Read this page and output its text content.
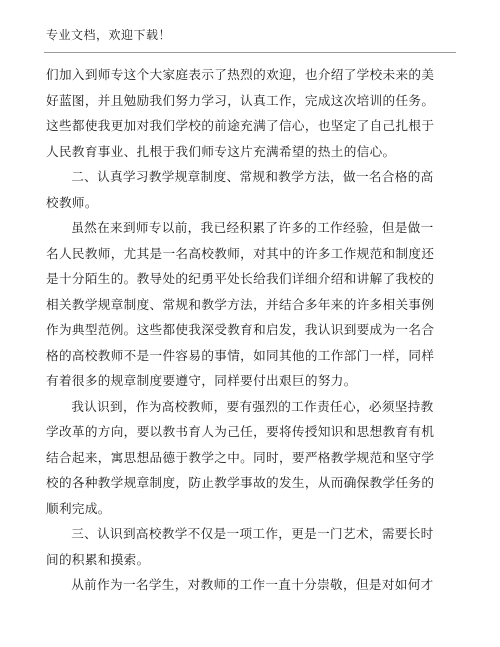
专业文档，欢迎下载！
们加入到师专这个大家庭表示了热烈的欢迎，也介绍了学校未来的美
好蓝图，并且勉励我们努力学习，认真工作，完成这次培训的任务。
这些都使我更加对我们学校的前途充满了信心，也坚定了自己扎根于
人民教育事业、扎根于我们师专这片充满希望的热土的信心。
二、认真学习教学规章制度、常规和教学方法，做一名合格的高
校教师。
虽然在来到师专以前，我已经积累了许多的工作经验，但是做一
名人民教师，尤其是一名高校教师，对其中的许多工作规范和制度还
是十分陌生的。教导处的纪勇平处长给我们详细介绍和讲解了我校的
相关教学规章制度、常规和教学方法，并结合多年来的许多相关事例
作为典型范例。这些都使我深受教育和启发，我认识到要成为一名合
格的高校教师不是一件容易的事情，如同其他的工作部门一样，同样
有着很多的规章制度要遵守，同样要付出艰巨的努力。
我认识到，作为高校教师，要有强烈的工作责任心，必须坚持教
学改革的方向，要以教书育人为己任，要将传授知识和思想教育有机
结合起来，寓思想品德于教学之中。同时，要严格教学规范和坚守学
校的各种教学规章制度，防止教学事故的发生，从而确保教学任务的
顺利完成。
三、认识到高校教学不仅是一项工作，更是一门艺术，需要长时
间的积累和摸索。
从前作为一名学生，对教师的工作一直十分崇敬，但是对如何才
